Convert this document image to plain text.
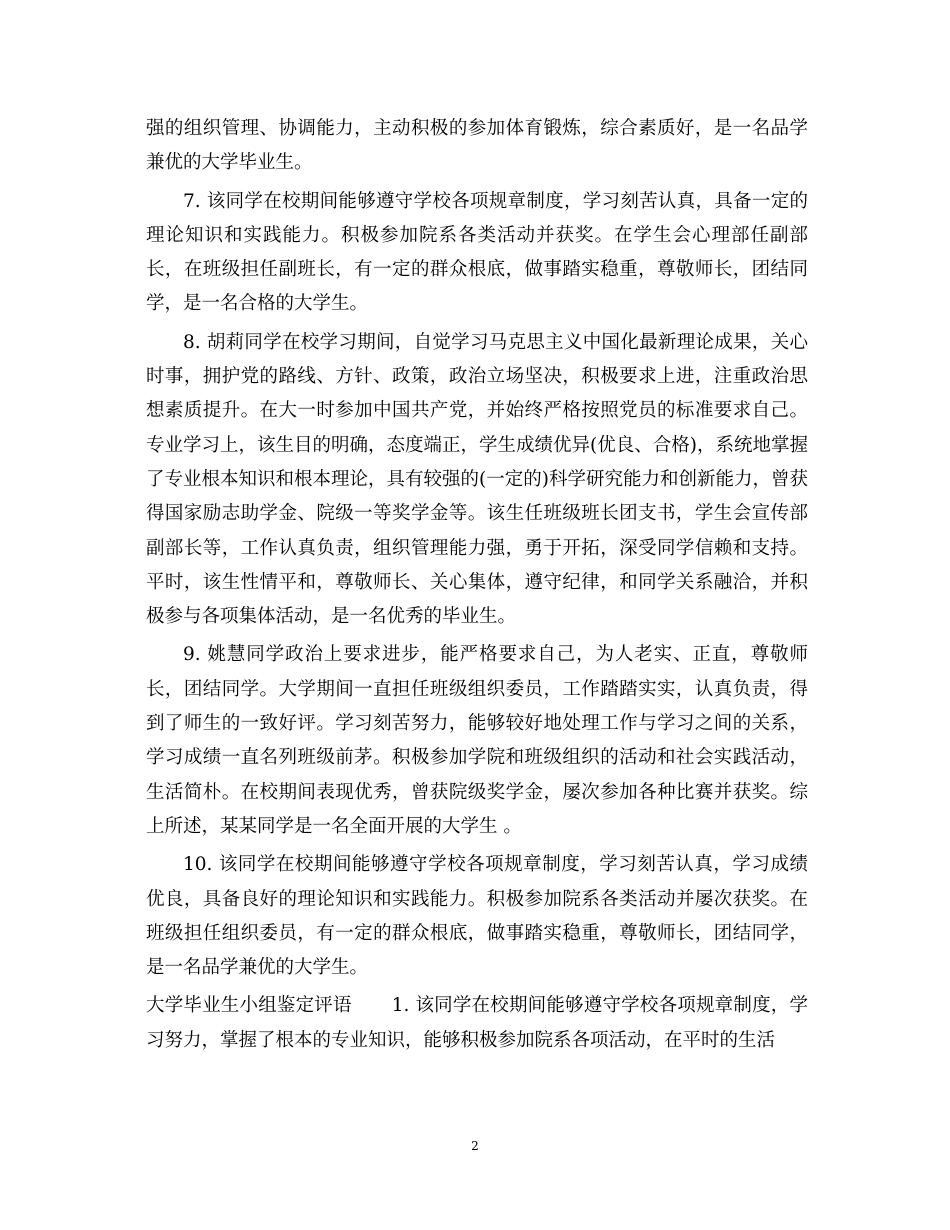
强的组织管理、协调能力，主动积极的参加体育锻炼，综合素质好，是一名品学兼优的大学毕业生。

7. 该同学在校期间能够遵守学校各项规章制度，学习刻苦认真，具备一定的理论知识和实践能力。积极参加院系各类活动并获奖。在学生会心理部任副部长，在班级担任副班长，有一定的群众根底，做事踏实稳重，尊敬师长，团结同学，是一名合格的大学生。

8. 胡莉同学在校学习期间，自觉学习马克思主义中国化最新理论成果，关心时事，拥护党的路线、方针、政策，政治立场坚决，积极要求上进，注重政治思想素质提升。在大一时参加中国共产党，并始终严格按照党员的标准要求自己。专业学习上，该生目的明确，态度端正，学生成绩优异(优良、合格)，系统地掌握了专业根本知识和根本理论，具有较强的(一定的)科学研究能力和创新能力，曾获得国家励志助学金、院级一等奖学金等。该生任班级班长团支书，学生会宣传部副部长等，工作认真负责，组织管理能力强，勇于开拓，深受同学信赖和支持。平时，该生性情平和，尊敬师长、关心集体，遵守纪律，和同学关系融洽，并积极参与各项集体活动，是一名优秀的毕业生。

9. 姚慧同学政治上要求进步，能严格要求自己，为人老实、正直，尊敬师长，团结同学。大学期间一直担任班级组织委员，工作踏踏实实，认真负责，得到了师生的一致好评。学习刻苦努力，能够较好地处理工作与学习之间的关系，学习成绩一直名列班级前茅。积极参加学院和班级组织的活动和社会实践活动，生活简朴。在校期间表现优秀，曾获院级奖学金，屡次参加各种比赛并获奖。综上所述，某某同学是一名全面开展的大学生 。

10. 该同学在校期间能够遵守学校各项规章制度，学习刻苦认真，学习成绩优良，具备良好的理论知识和实践能力。积极参加院系各类活动并屡次获奖。在班级担任组织委员，有一定的群众根底，做事踏实稳重，尊敬师长，团结同学，是一名品学兼优的大学生。

大学毕业生小组鉴定评语 1. 该同学在校期间能够遵守学校各项规章制度，学习努力，掌握了根本的专业知识，能够积极参加院系各项活动，在平时的生活

2
